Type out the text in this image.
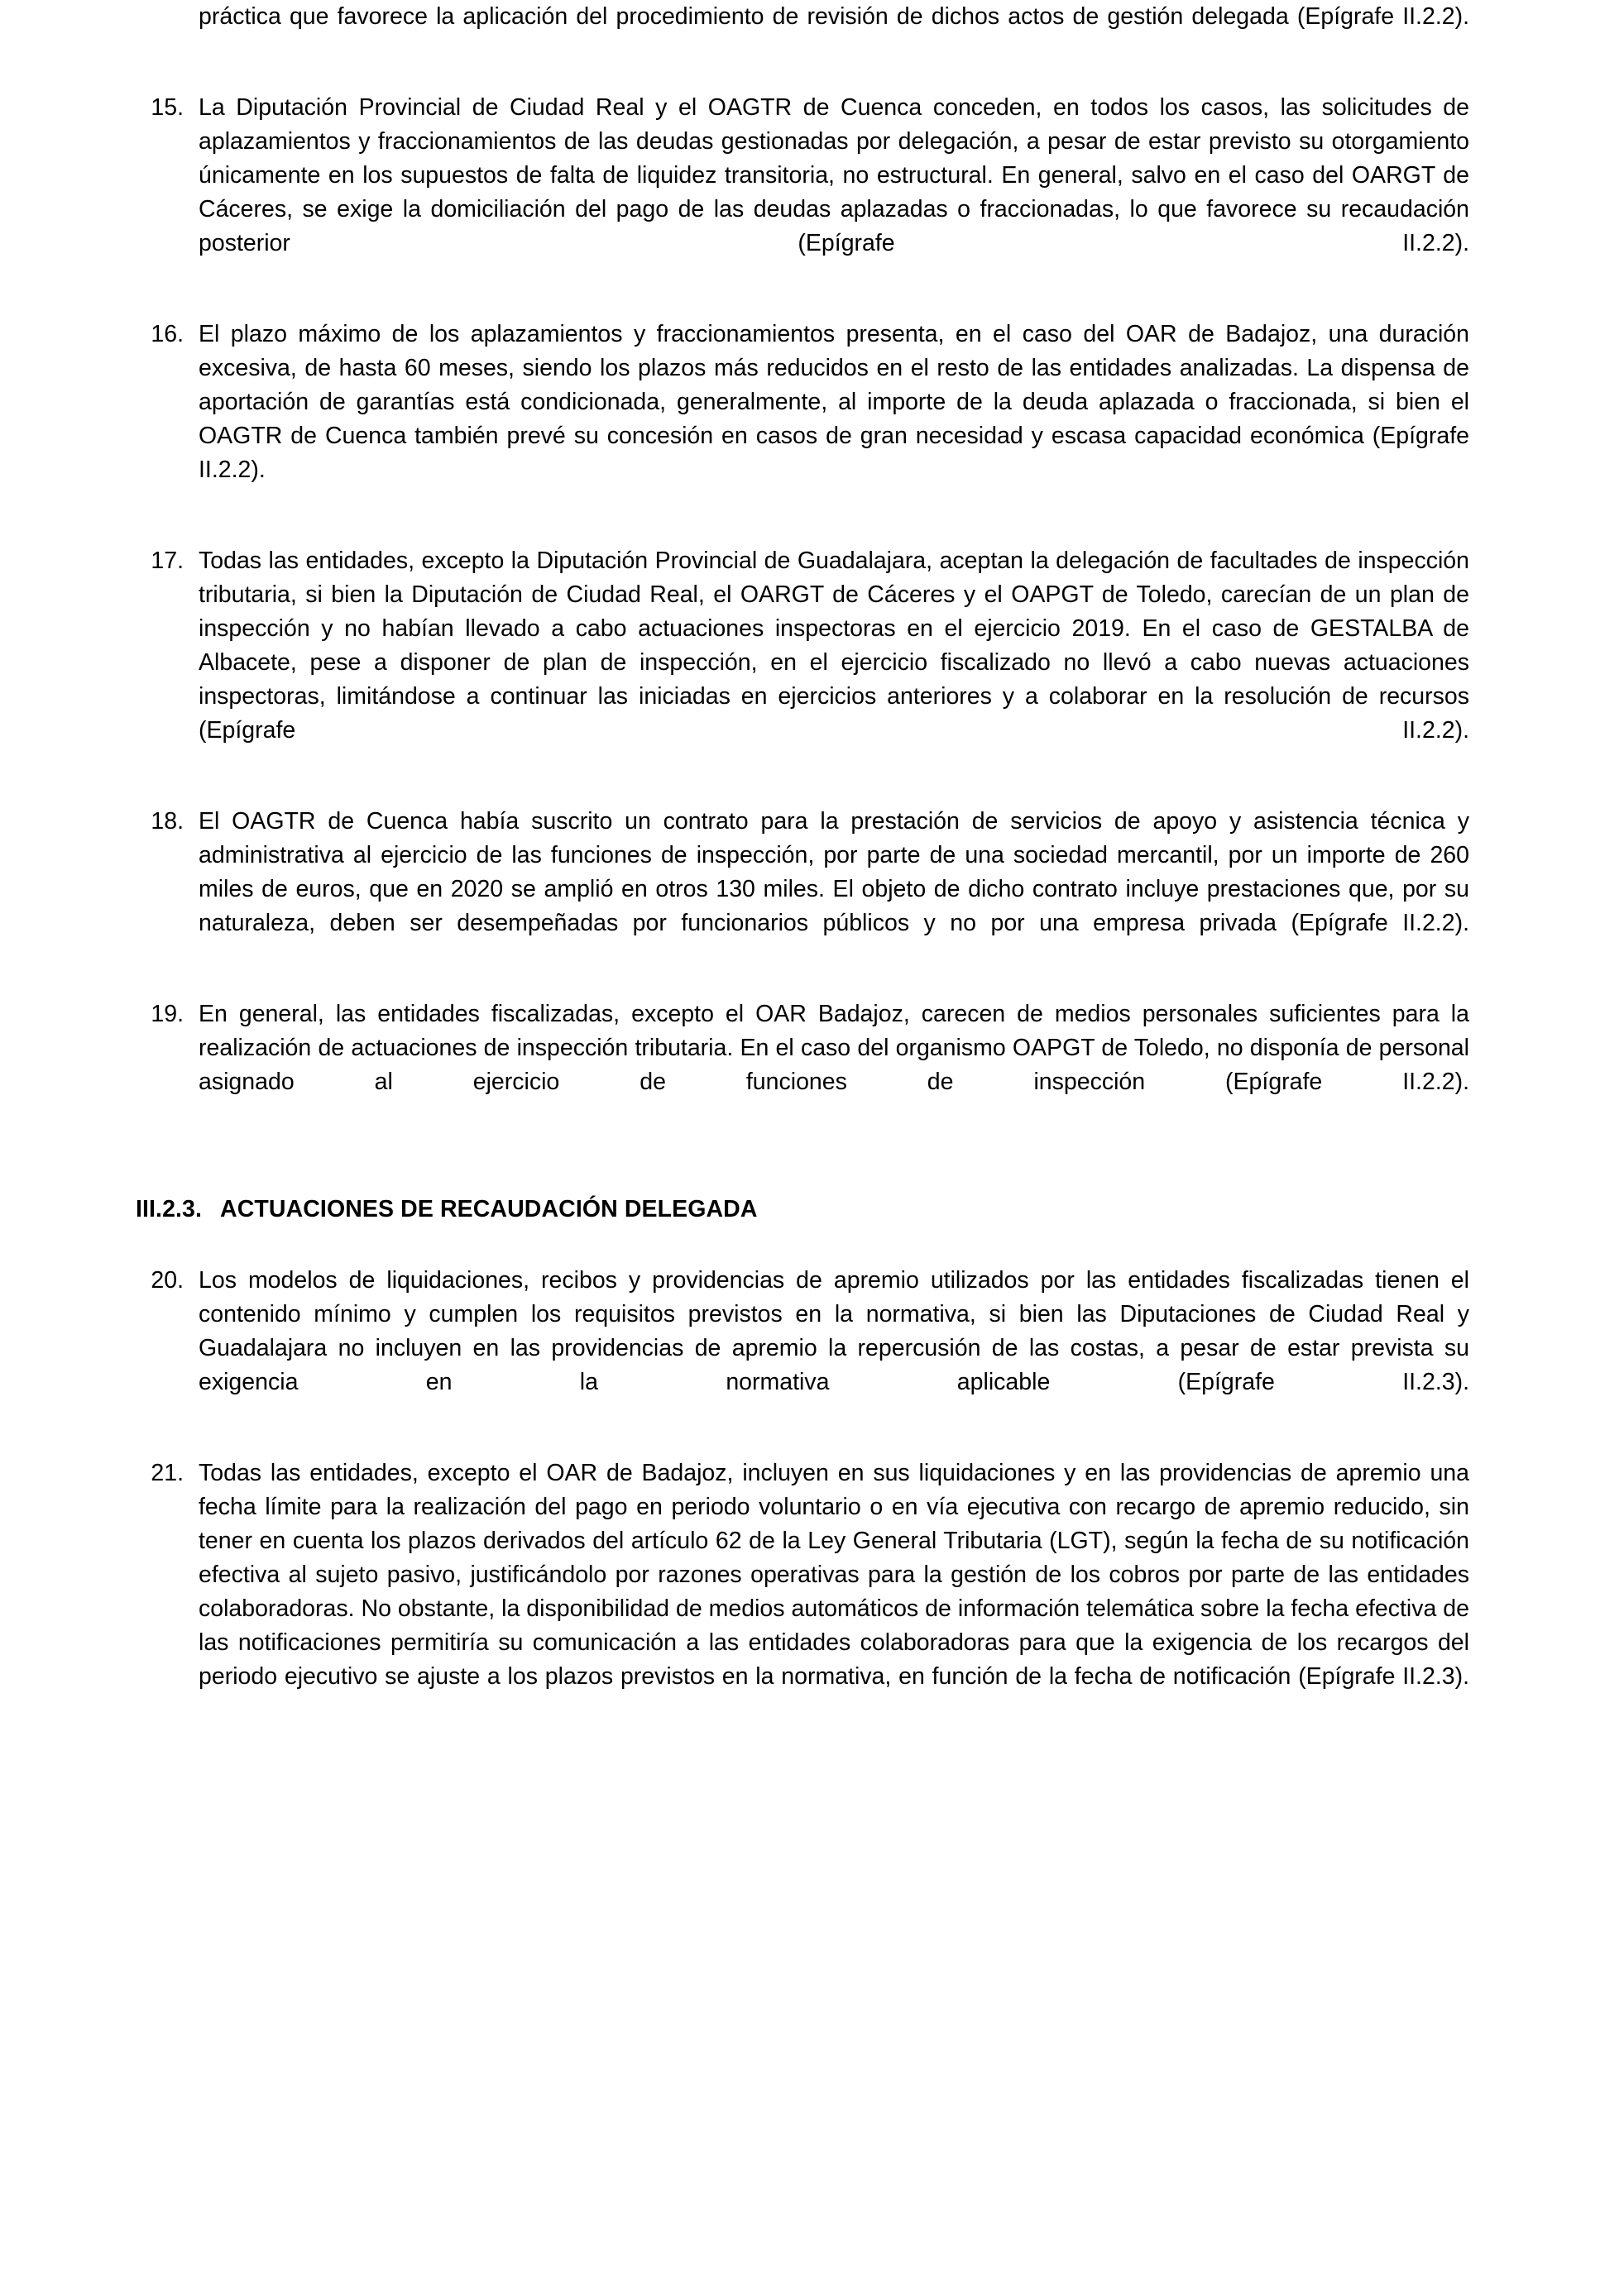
práctica que favorece la aplicación del procedimiento de revisión de dichos actos de gestión delegada (Epígrafe II.2.2).

15. La Diputación Provincial de Ciudad Real y el OAGTR de Cuenca conceden, en todos los casos, las solicitudes de aplazamientos y fraccionamientos de las deudas gestionadas por delegación, a pesar de estar previsto su otorgamiento únicamente en los supuestos de falta de liquidez transitoria, no estructural. En general, salvo en el caso del OARGT de Cáceres, se exige la domiciliación del pago de las deudas aplazadas o fraccionadas, lo que favorece su recaudación posterior (Epígrafe II.2.2).
16. El plazo máximo de los aplazamientos y fraccionamientos presenta, en el caso del OAR de Badajoz, una duración excesiva, de hasta 60 meses, siendo los plazos más reducidos en el resto de las entidades analizadas. La dispensa de aportación de garantías está condicionada, generalmente, al importe de la deuda aplazada o fraccionada, si bien el OAGTR de Cuenca también prevé su concesión en casos de gran necesidad y escasa capacidad económica (Epígrafe II.2.2).
17. Todas las entidades, excepto la Diputación Provincial de Guadalajara, aceptan la delegación de facultades de inspección tributaria, si bien la Diputación de Ciudad Real, el OARGT de Cáceres y el OAPGT de Toledo, carecían de un plan de inspección y no habían llevado a cabo actuaciones inspectoras en el ejercicio 2019. En el caso de GESTALBA de Albacete, pese a disponer de plan de inspección, en el ejercicio fiscalizado no llevó a cabo nuevas actuaciones inspectoras, limitándose a continuar las iniciadas en ejercicios anteriores y a colaborar en la resolución de recursos (Epígrafe II.2.2).
18. El OAGTR de Cuenca había suscrito un contrato para la prestación de servicios de apoyo y asistencia técnica y administrativa al ejercicio de las funciones de inspección, por parte de una sociedad mercantil, por un importe de 260 miles de euros, que en 2020 se amplió en otros 130 miles. El objeto de dicho contrato incluye prestaciones que, por su naturaleza, deben ser desempeñadas por funcionarios públicos y no por una empresa privada (Epígrafe II.2.2).
19. En general, las entidades fiscalizadas, excepto el OAR Badajoz, carecen de medios personales suficientes para la realización de actuaciones de inspección tributaria. En el caso del organismo OAPGT de Toledo, no disponía de personal asignado al ejercicio de funciones de inspección (Epígrafe II.2.2).
III.2.3. ACTUACIONES DE RECAUDACIÓN DELEGADA
20. Los modelos de liquidaciones, recibos y providencias de apremio utilizados por las entidades fiscalizadas tienen el contenido mínimo y cumplen los requisitos previstos en la normativa, si bien las Diputaciones de Ciudad Real y Guadalajara no incluyen en las providencias de apremio la repercusión de las costas, a pesar de estar prevista su exigencia en la normativa aplicable (Epígrafe II.2.3).
21. Todas las entidades, excepto el OAR de Badajoz, incluyen en sus liquidaciones y en las providencias de apremio una fecha límite para la realización del pago en periodo voluntario o en vía ejecutiva con recargo de apremio reducido, sin tener en cuenta los plazos derivados del artículo 62 de la Ley General Tributaria (LGT), según la fecha de su notificación efectiva al sujeto pasivo, justificándolo por razones operativas para la gestión de los cobros por parte de las entidades colaboradoras. No obstante, la disponibilidad de medios automáticos de información telemática sobre la fecha efectiva de las notificaciones permitiría su comunicación a las entidades colaboradoras para que la exigencia de los recargos del periodo ejecutivo se ajuste a los plazos previstos en la normativa, en función de la fecha de notificación (Epígrafe II.2.3).
